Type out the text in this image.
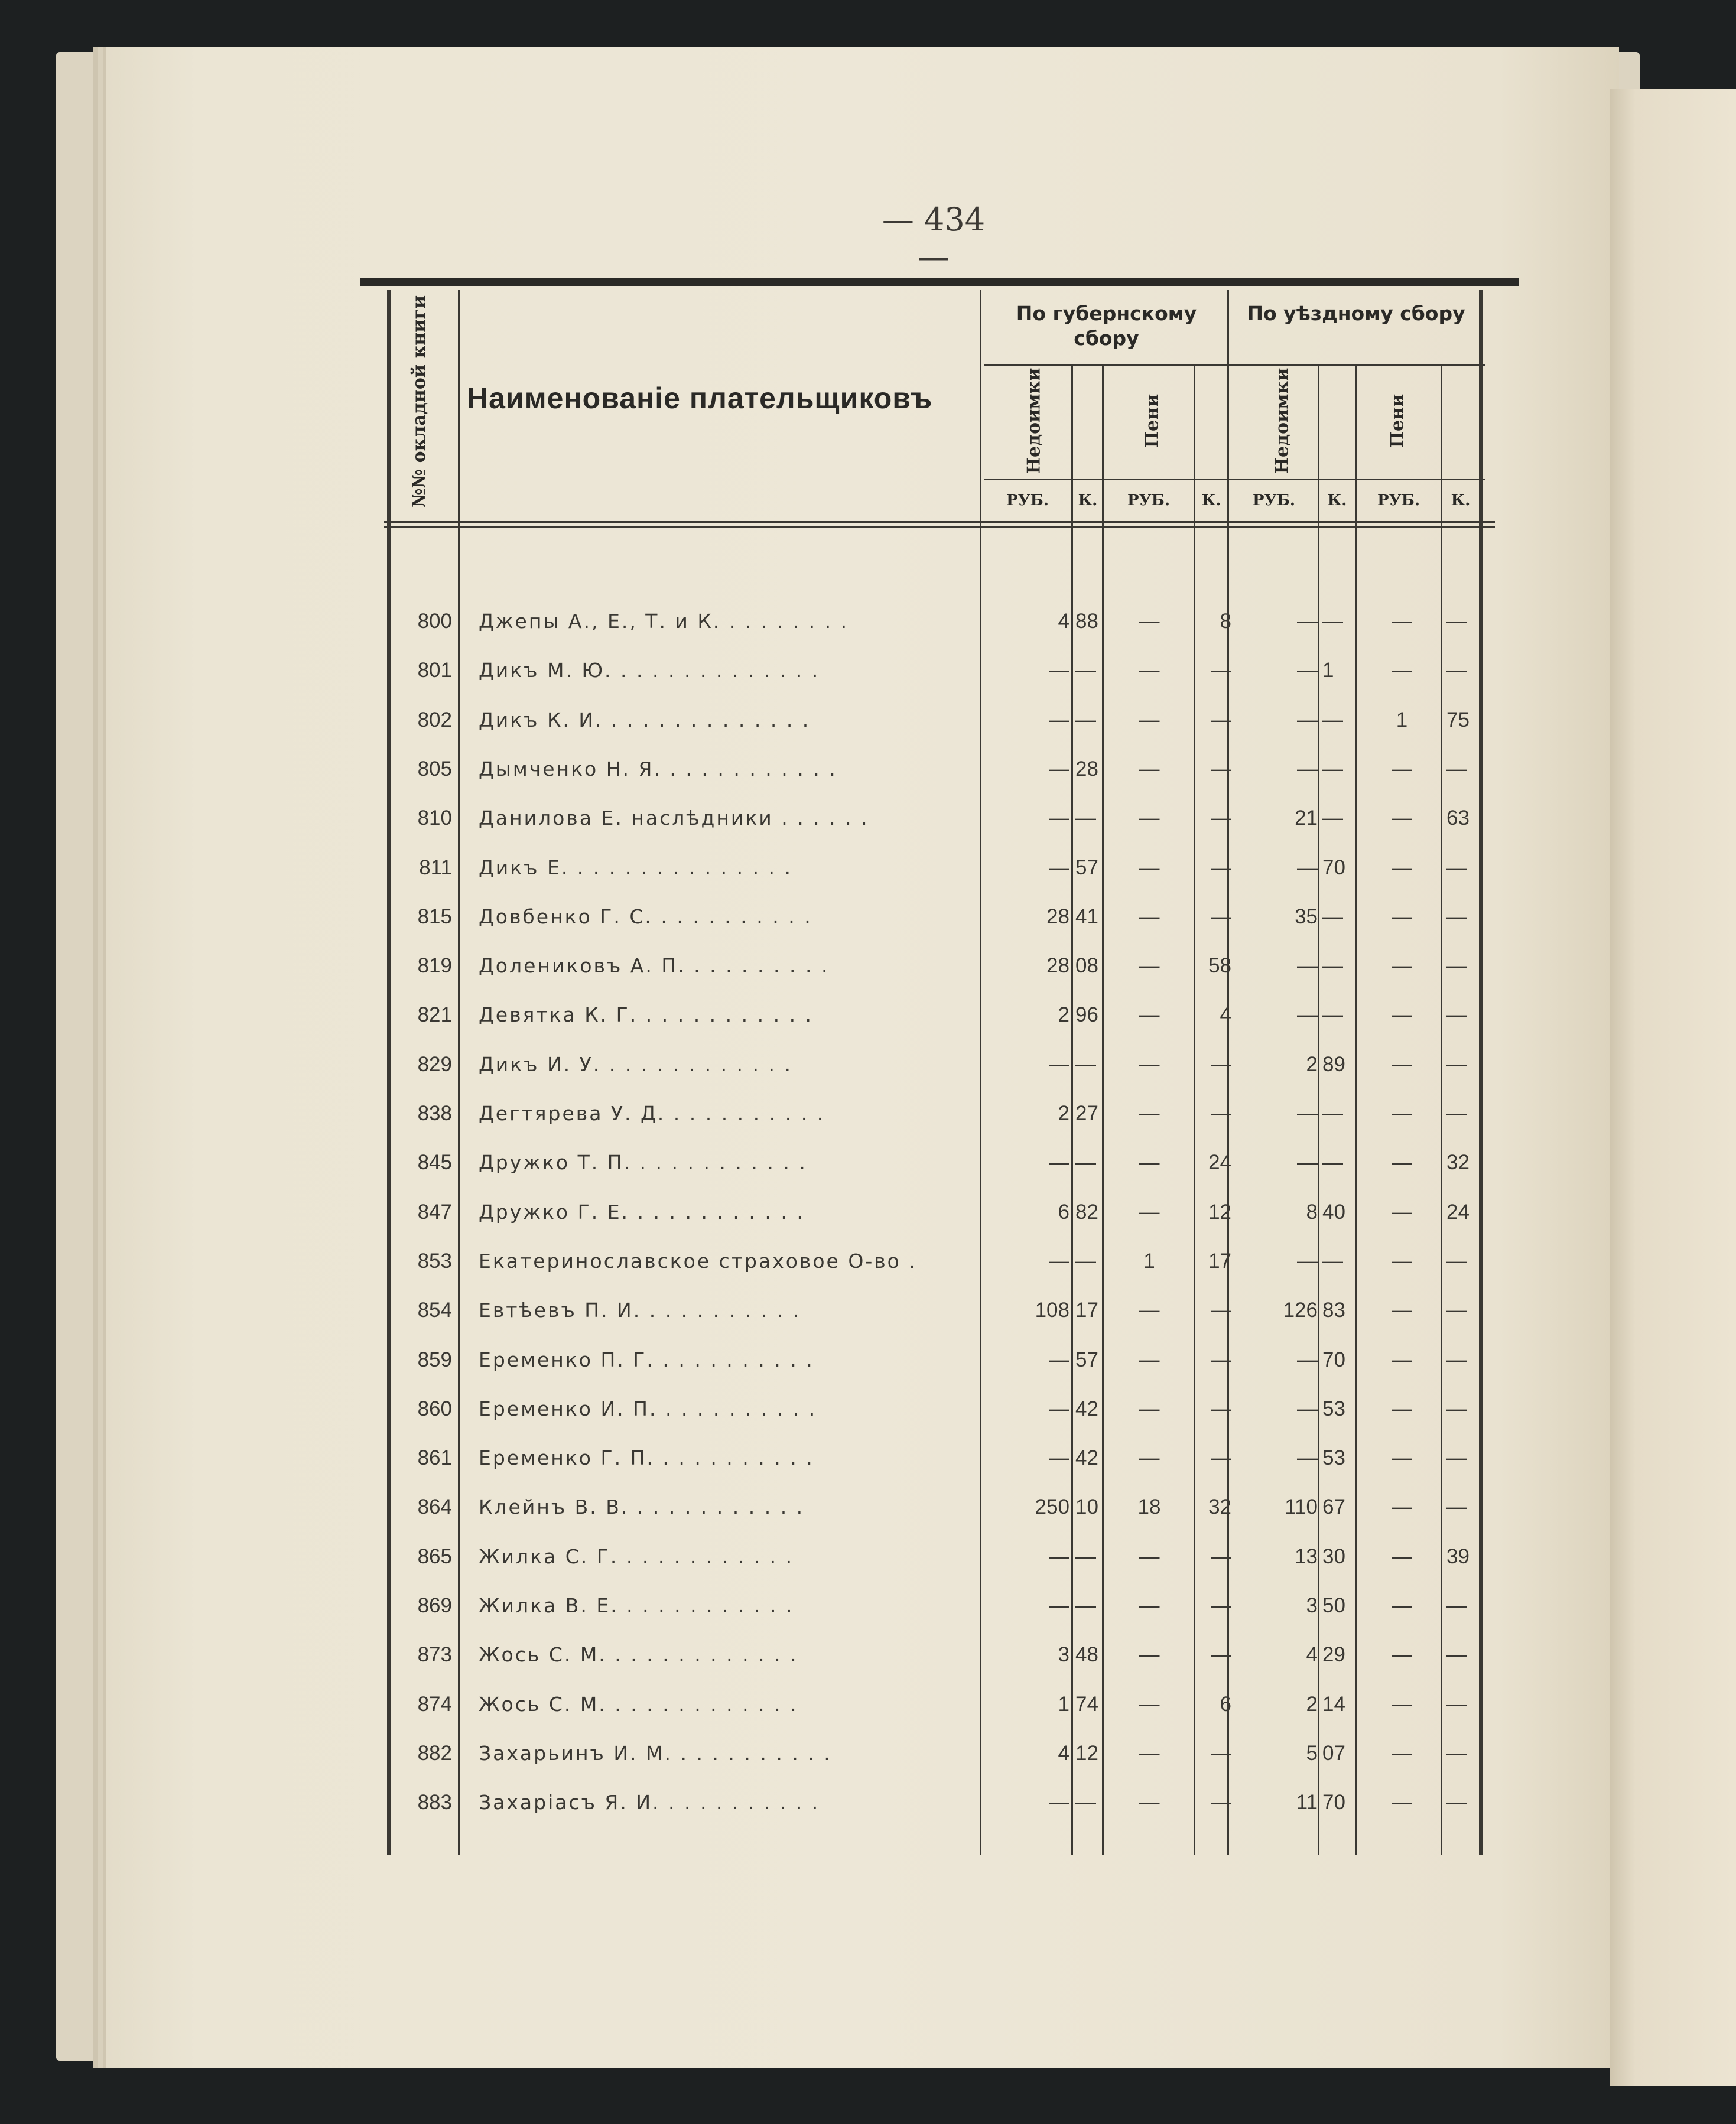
— 434 —
№№ окладной книги Наименованіе плательщиковъ
По губернскому сбору
По уѣздному сбору
Недоимки	Пени	Недоимки	Пени
РУБ.	К.	РУБ.	К.	РУБ.	К.	РУБ.	К.
800 Джепы А., Е., Т. и К. . . . . . . . .	4 88	—	8	— —	—	—
801 Дикъ М. Ю. . . . . . . . . . . . . .	— —	—	—	— 1	—	—
802 Дикъ К. И. . . . . . . . . . . . . .	— —	—	—	— —	1	75
805 Дымченко Н. Я. . . . . . . . . . . .	— 28	—	—	— —	—	—
810 Данилова Е. наслѣдники . . . . . .	— —	—	—	21 —	—	63
811 Дикъ Е. . . . . . . . . . . . . . .	— 57	—	—	— 70	—	—
815 Довбенко Г. С. . . . . . . . . . .	28 41	—	—	35 —	—	—
819 Долениковъ А. П. . . . . . . . . .	28 08	—	58	— —	—	—
821 Девятка К. Г. . . . . . . . . . . .	2 96	—	4	— —	—	—
829 Дикъ И. У. . . . . . . . . . . . .	— —	—	—	2 89	—	—
838 Дегтярева У. Д. . . . . . . . . . .	2 27	—	—	— —	—	—
845 Дружко Т. П. . . . . . . . . . . .	— —	—	24	— —	—	32
847 Дружко Г. Е. . . . . . . . . . . .	6 82	—	12	8 40	—	24
853 Екатеринославское страховое О-во .	— —	1	17	— —	—	—
854 Евтѣевъ П. И. . . . . . . . . . .	108 17	—	—	126 83	—	—
859 Еременко П. Г. . . . . . . . . . .	— 57	—	—	— 70	—	—
860 Еременко И. П. . . . . . . . . . .	— 42	—	—	— 53	—	—
861 Еременко Г. П. . . . . . . . . . .	— 42	—	—	— 53	—	—
864 Клейнъ В. В. . . . . . . . . . . .	250 10	18	32	110 67	—	—
865 Жилка С. Г. . . . . . . . . . . .	— —	—	—	13 30	—	39
869 Жилка В. Е. . . . . . . . . . . .	— —	—	—	3 50	—	—
873 Жось С. М. . . . . . . . . . . . .	3 48	—	—	4 29	—	—
874 Жось С. М. . . . . . . . . . . . .	1 74	—	6	2 14	—	—
882 Захарьинъ И. М. . . . . . . . . . .	4 12	—	—	5 07	—	—
883 Захаріасъ Я. И. . . . . . . . . . .	— —	—	—	11 70	—	—
